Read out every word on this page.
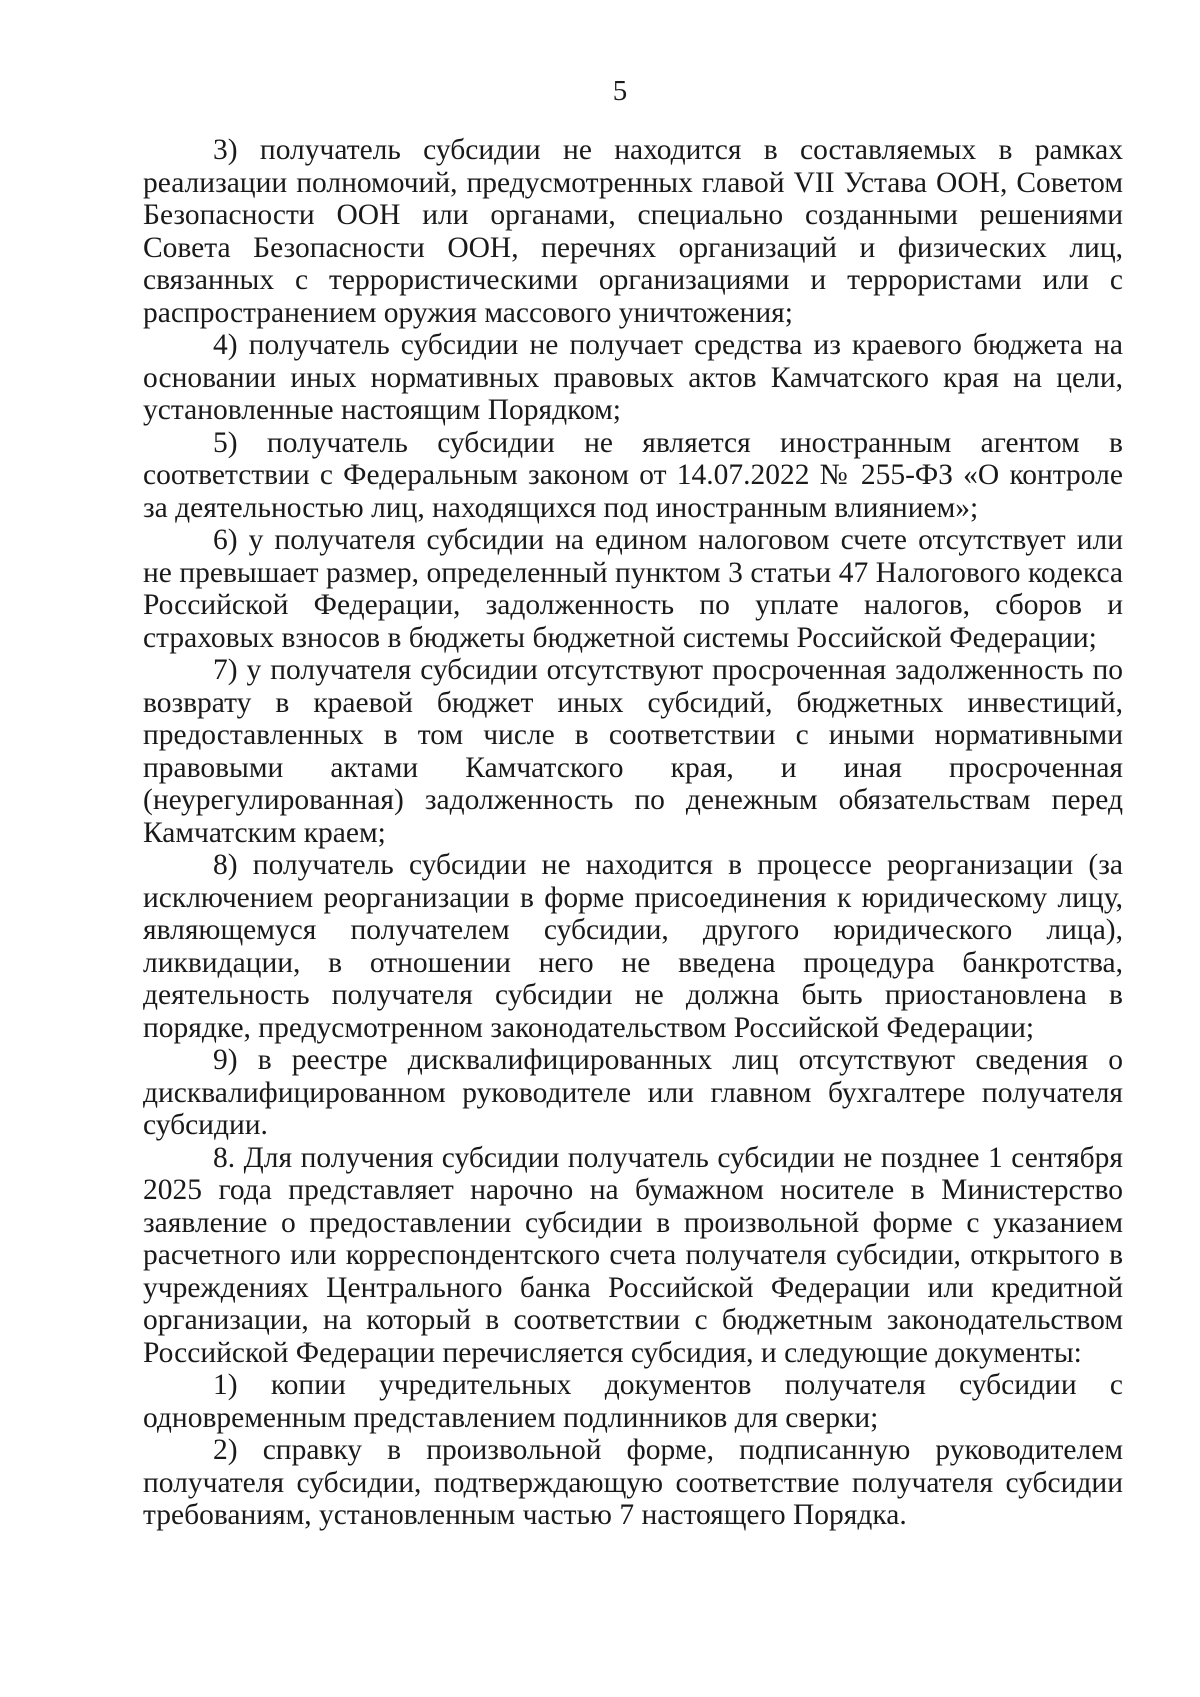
5

3) получатель субсидии не находится в составляемых в рамках реализации полномочий, предусмотренных главой VII Устава ООН, Советом Безопасности ООН или органами, специально созданными решениями Совета Безопасности ООН, перечнях организаций и физических лиц, связанных с террористическими организациями и террористами или с распространением оружия массового уничтожения;

4) получатель субсидии не получает средства из краевого бюджета на основании иных нормативных правовых актов Камчатского края на цели, установленные настоящим Порядком;

5) получатель субсидии не является иностранным агентом в соответствии с Федеральным законом от 14.07.2022 № 255-ФЗ «О контроле за деятельностью лиц, находящихся под иностранным влиянием»;

6) у получателя субсидии на едином налоговом счете отсутствует или не превышает размер, определенный пунктом 3 статьи 47 Налогового кодекса Российской Федерации, задолженность по уплате налогов, сборов и страховых взносов в бюджеты бюджетной системы Российской Федерации;

7) у получателя субсидии отсутствуют просроченная задолженность по возврату в краевой бюджет иных субсидий, бюджетных инвестиций, предоставленных в том числе в соответствии с иными нормативными правовыми актами Камчатского края, и иная просроченная (неурегулированная) задолженность по денежным обязательствам перед Камчатским краем;

8) получатель субсидии не находится в процессе реорганизации (за исключением реорганизации в форме присоединения к юридическому лицу, являющемуся получателем субсидии, другого юридического лица), ликвидации, в отношении него не введена процедура банкротства, деятельность получателя субсидии не должна быть приостановлена в порядке, предусмотренном законодательством Российской Федерации;

9) в реестре дисквалифицированных лиц отсутствуют сведения о дисквалифицированном руководителе или главном бухгалтере получателя субсидии.

8. Для получения субсидии получатель субсидии не позднее 1 сентября 2025 года представляет нарочно на бумажном носителе в Министерство заявление о предоставлении субсидии в произвольной форме с указанием расчетного или корреспондентского счета получателя субсидии, открытого в учреждениях Центрального банка Российской Федерации или кредитной организации, на который в соответствии с бюджетным законодательством Российской Федерации перечисляется субсидия, и следующие документы:

1) копии учредительных документов получателя субсидии с одновременным представлением подлинников для сверки;

2) справку в произвольной форме, подписанную руководителем получателя субсидии, подтверждающую соответствие получателя субсидии требованиям, установленным частью 7 настоящего Порядка.
